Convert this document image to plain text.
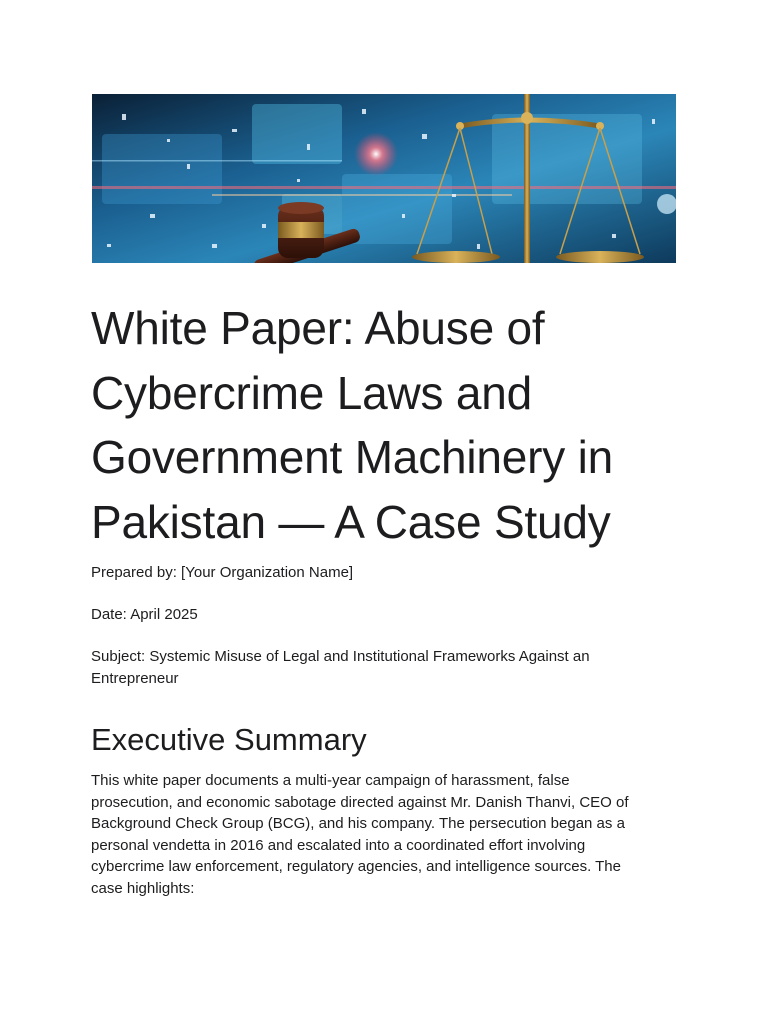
White Paper: Abuse of
Cybercrime Laws and
Government Machinery in
Pakistan — A Case Study

Prepared by: [Your Organization Name]

Date: April 2025

Subject: Systemic Misuse of Legal and Institutional Frameworks Against an Entrepreneur

Executive Summary

This white paper documents a multi-year campaign of harassment, false
prosecution, and economic sabotage directed against Mr. Danish Thanvi, CEO of
Background Check Group (BCG), and his company. The persecution began as a
personal vendetta in 2016 and escalated into a coordinated effort involving
cybercrime law enforcement, regulatory agencies, and intelligence sources. The
case highlights:
